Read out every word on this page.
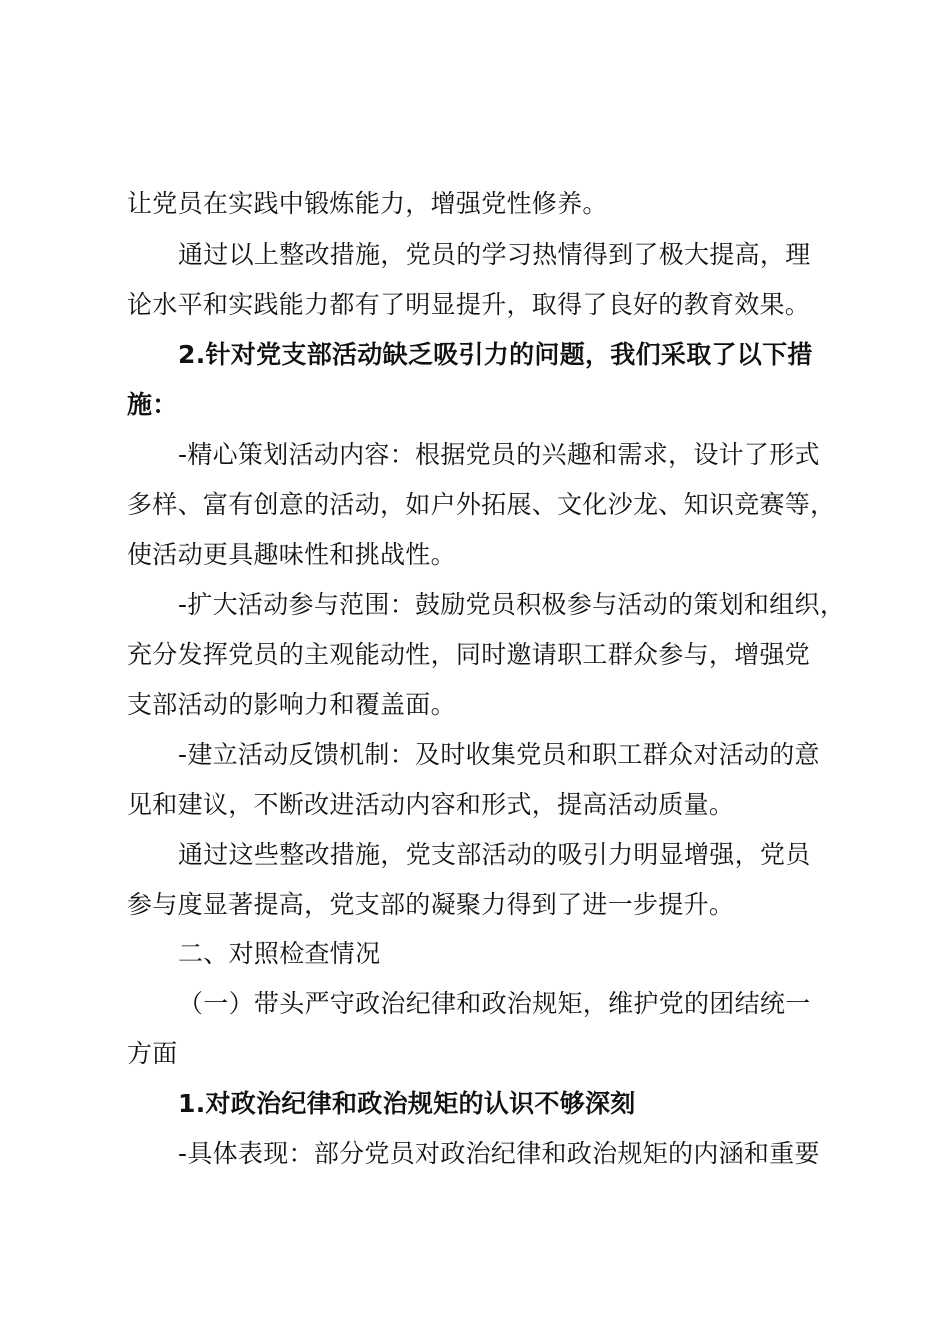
让党员在实践中锻炼能力，增强党性修养。
通过以上整改措施，党员的学习热情得到了极大提高，理
论水平和实践能力都有了明显提升，取得了良好的教育效果。
2.针对党支部活动缺乏吸引力的问题，我们采取了以下措
施：
-精心策划活动内容：根据党员的兴趣和需求，设计了形式
多样、富有创意的活动，如户外拓展、文化沙龙、知识竞赛等，
使活动更具趣味性和挑战性。
-扩大活动参与范围：鼓励党员积极参与活动的策划和组织，
充分发挥党员的主观能动性，同时邀请职工群众参与，增强党
支部活动的影响力和覆盖面。
-建立活动反馈机制：及时收集党员和职工群众对活动的意
见和建议，不断改进活动内容和形式，提高活动质量。
通过这些整改措施，党支部活动的吸引力明显增强，党员
参与度显著提高，党支部的凝聚力得到了进一步提升。
二、对照检查情况
（一）带头严守政治纪律和政治规矩，维护党的团结统一
方面
1.对政治纪律和政治规矩的认识不够深刻
-具体表现：部分党员对政治纪律和政治规矩的内涵和重要
